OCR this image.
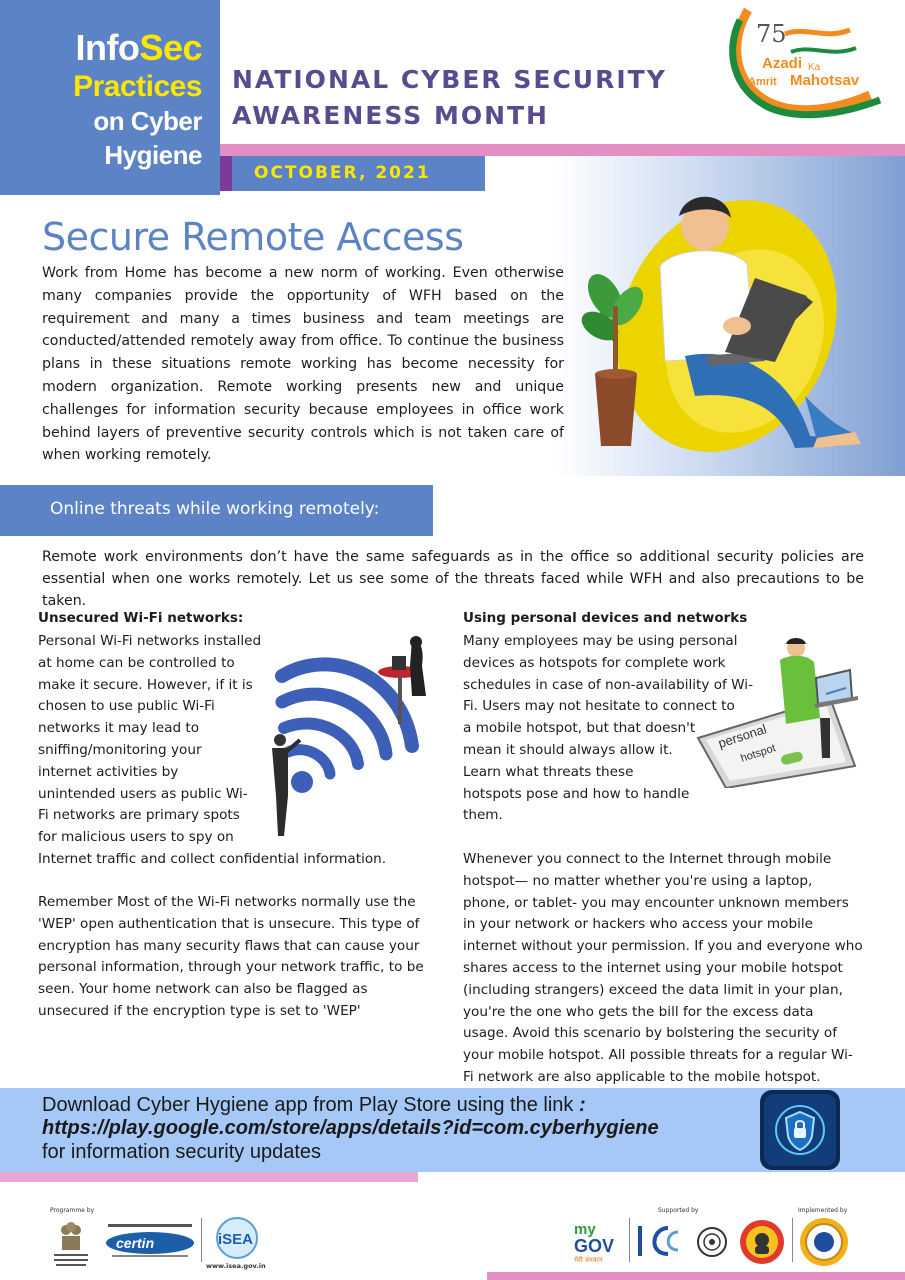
InfoSec
Practices
on Cyber
Hygiene
NATIONAL CYBER SECURITY
AWARENESS MONTH
75
Azadi Ka
Amrit Mahotsav
OCTOBER, 2021
Secure Remote Access

Work from Home has become a new norm of working. Even otherwise many companies provide the opportunity of WFH based on the requirement and many a times business and team meetings are conducted/attended remotely away from office. To continue the business plans in these situations remote working has become necessity for modern organization. Remote working presents new and unique challenges for information security because employees in office work behind layers of preventive security controls which is not taken care of when working remotely.

Online threats while working remotely:

Remote work environments don’t have the same safeguards as in the office so additional security policies are essential when one works remotely. Let us see some of the threats faced while WFH and also precautions to be taken.

Unsecured Wi-Fi networks:
Personal Wi-Fi networks installed
at home can be controlled to
make it secure. However, if it is
chosen to use public Wi-Fi
networks it may lead to
sniffing/monitoring your
internet activities by
unintended users as public Wi-
Fi networks are primary spots
for malicious users to spy on
Internet traffic and collect confidential information.

Remember Most of the Wi-Fi networks normally use the 'WEP' open authentication that is unsecure. This type of encryption has many security flaws that can cause your personal information, through your network traffic, to be seen. Your home network can also be flagged as unsecured if the encryption type is set to 'WEP'

Using personal devices and networks
Many employees may be using personal
devices as hotspots for complete work
schedules in case of non-availability of Wi-
Fi. Users may not hesitate to connect to
a mobile hotspot, but that doesn't
mean it should always allow it.
Learn what threats these
hotspots pose and how to handle
them.
personal
hotspot

Whenever you connect to the Internet through mobile hotspot— no matter whether you're using a laptop, phone, or tablet- you may encounter unknown members in your network or hackers who access your mobile internet without your permission. If you and everyone who shares access to the internet using your mobile hotspot (including strangers) exceed the data limit in your plan, you're the one who gets the bill for the excess data usage. Avoid this scenario by bolstering the security of your mobile hotspot. All possible threats for a regular Wi-Fi network are also applicable to the mobile hotspot.

Download Cyber Hygiene app from Play Store using the link :
https://play.google.com/store/apps/details?id=com.cyberhygiene
for information security updates
Programme by	Supported by	Implemented by
certin	iSEA
www.isea.gov.in
my
GOV
मेरी सरकार
